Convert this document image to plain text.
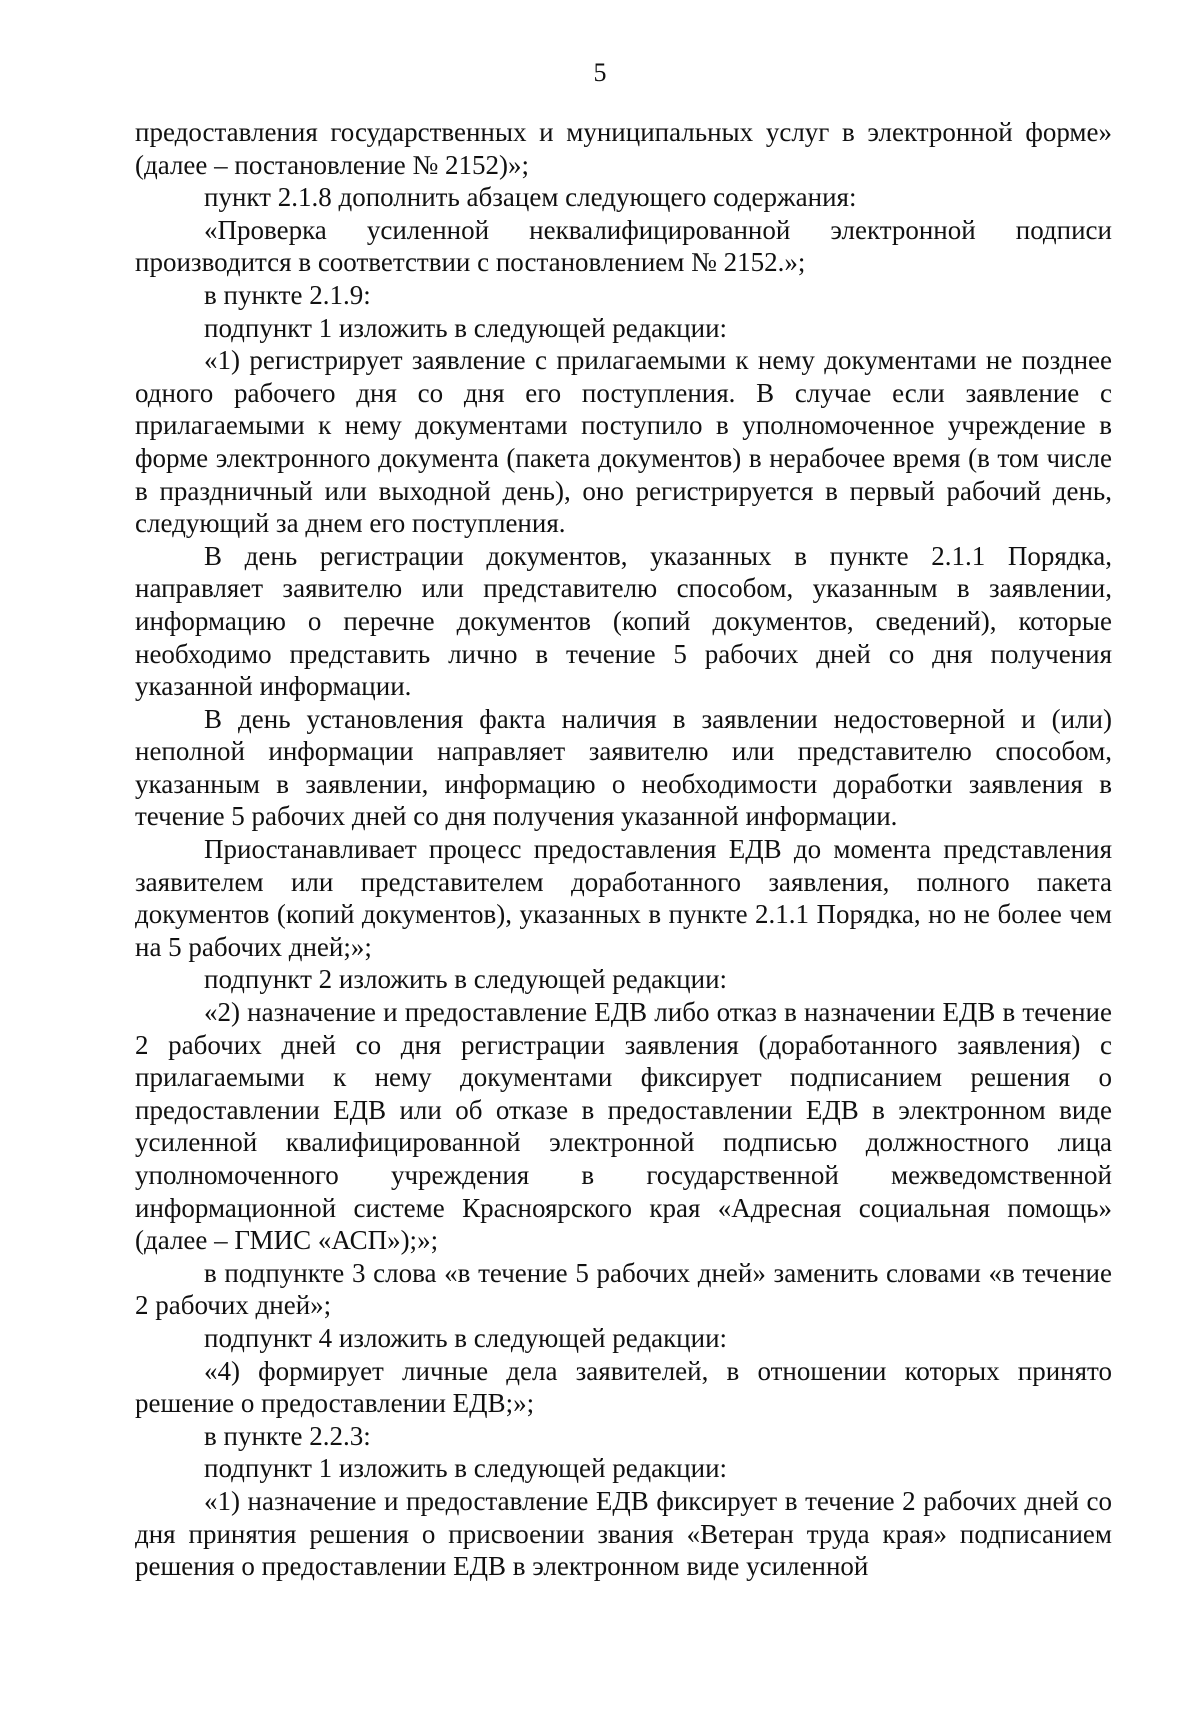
5

предоставления государственных и муниципальных услуг в электронной форме» (далее – постановление № 2152)»;

пункт 2.1.8 дополнить абзацем следующего содержания:

«Проверка усиленной неквалифицированной электронной подписи производится в соответствии с постановлением № 2152.»;

в пункте 2.1.9:

подпункт 1 изложить в следующей редакции:

«1) регистрирует заявление с прилагаемыми к нему документами не позднее одного рабочего дня со дня его поступления. В случае если заявление с прилагаемыми к нему документами поступило в уполномоченное учреждение в форме электронного документа (пакета документов) в нерабочее время (в том числе в праздничный или выходной день), оно регистрируется в первый рабочий день, следующий за днем его поступления.

В день регистрации документов, указанных в пункте 2.1.1 Порядка, направляет заявителю или представителю способом, указанным в заявлении, информацию о перечне документов (копий документов, сведений), которые необходимо представить лично в течение 5 рабочих дней со дня получения указанной информации.

В день установления факта наличия в заявлении недостоверной и (или) неполной информации направляет заявителю или представителю способом, указанным в заявлении, информацию о необходимости доработки заявления в течение 5 рабочих дней со дня получения указанной информации.

Приостанавливает процесс предоставления ЕДВ до момента представления заявителем или представителем доработанного заявления, полного пакета документов (копий документов), указанных в пункте 2.1.1 Порядка, но не более чем на 5 рабочих дней;»;

подпункт 2 изложить в следующей редакции:

«2) назначение и предоставление ЕДВ либо отказ в назначении ЕДВ в течение 2 рабочих дней со дня регистрации заявления (доработанного заявления) с прилагаемыми к нему документами фиксирует подписанием решения о предоставлении ЕДВ или об отказе в предоставлении ЕДВ в электронном виде усиленной квалифицированной электронной подписью должностного лица уполномоченного учреждения в государственной межведомственной информационной системе Красноярского края «Адресная социальная помощь» (далее – ГМИС «АСП»);»;

в подпункте 3 слова «в течение 5 рабочих дней» заменить словами «в течение 2 рабочих дней»;

подпункт 4 изложить в следующей редакции:

«4) формирует личные дела заявителей, в отношении которых принято решение о предоставлении ЕДВ;»;

в пункте 2.2.3:

подпункт 1 изложить в следующей редакции:

«1) назначение и предоставление ЕДВ фиксирует в течение 2 рабочих дней со дня принятия решения о присвоении звания «Ветеран труда края» подписанием решения о предоставлении ЕДВ в электронном виде усиленной
